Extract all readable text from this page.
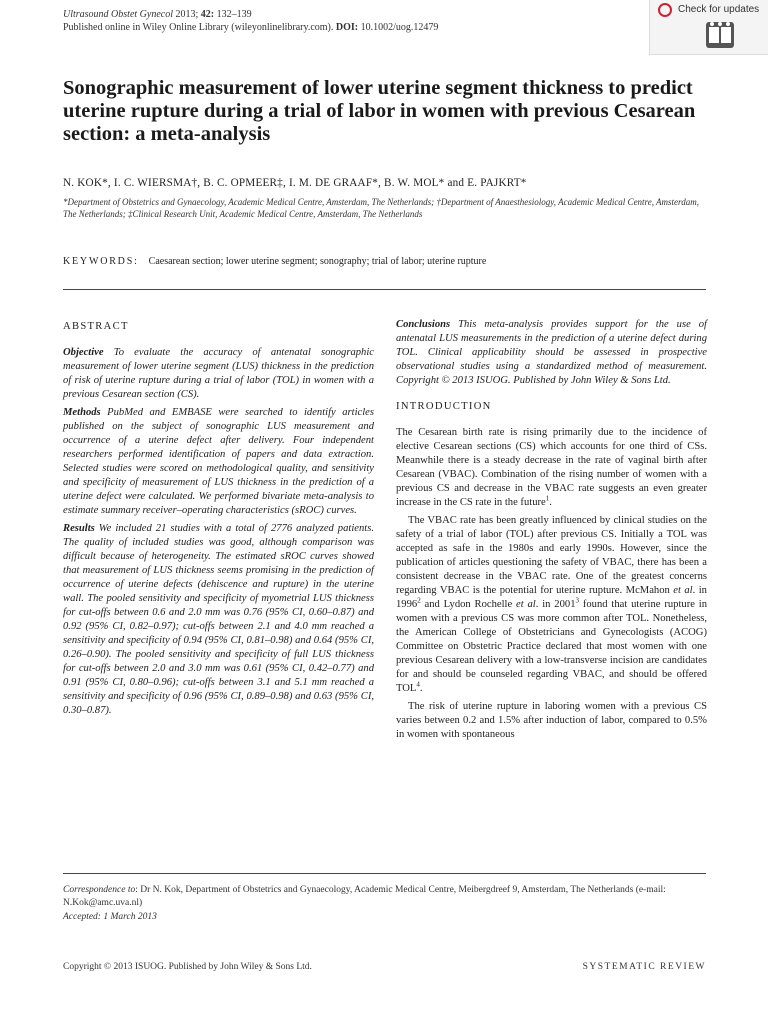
Ultrasound Obstet Gynecol 2013; 42: 132–139
Published online in Wiley Online Library (wileyonlinelibrary.com). DOI: 10.1002/uog.12479
Check for updates
Sonographic measurement of lower uterine segment thickness to predict uterine rupture during a trial of labor in women with previous Cesarean section: a meta-analysis
N. KOK*, I. C. WIERSMA†, B. C. OPMEER‡, I. M. DE GRAAF*, B. W. MOL* and E. PAJKRT*
*Department of Obstetrics and Gynaecology, Academic Medical Centre, Amsterdam, The Netherlands; †Department of Anaesthesiology, Academic Medical Centre, Amsterdam, The Netherlands; ‡Clinical Research Unit, Academic Medical Centre, Amsterdam, The Netherlands
KEYWORDS: Caesarean section; lower uterine segment; sonography; trial of labor; uterine rupture
ABSTRACT

Objective To evaluate the accuracy of antenatal sonographic measurement of lower uterine segment (LUS) thickness in the prediction of risk of uterine rupture during a trial of labor (TOL) in women with a previous Cesarean section (CS).

Methods PubMed and EMBASE were searched to identify articles published on the subject of sonographic LUS measurement and occurrence of a uterine defect after delivery. Four independent researchers performed identification of papers and data extraction. Selected studies were scored on methodological quality, and sensitivity and specificity of measurement of LUS thickness in the prediction of a uterine defect were calculated. We performed bivariate meta-analysis to estimate summary receiver–operating characteristics (sROC) curves.

Results We included 21 studies with a total of 2776 analyzed patients. The quality of included studies was good, although comparison was difficult because of heterogeneity. The estimated sROC curves showed that measurement of LUS thickness seems promising in the prediction of occurrence of uterine defects (dehiscence and rupture) in the uterine wall. The pooled sensitivity and specificity of myometrial LUS thickness for cut-offs between 0.6 and 2.0 mm was 0.76 (95% CI, 0.60–0.87) and 0.92 (95% CI, 0.82–0.97); cut-offs between 2.1 and 4.0 mm reached a sensitivity and specificity of 0.94 (95% CI, 0.81–0.98) and 0.64 (95% CI, 0.26–0.90). The pooled sensitivity and specificity of full LUS thickness for cut-offs between 2.0 and 3.0 mm was 0.61 (95% CI, 0.42–0.77) and 0.91 (95% CI, 0.80–0.96); cut-offs between 3.1 and 5.1 mm reached a sensitivity and specificity of 0.96 (95% CI, 0.89–0.98) and 0.63 (95% CI, 0.30–0.87).

Conclusions This meta-analysis provides support for the use of antenatal LUS measurements in the prediction of a uterine defect during TOL. Clinical applicability should be assessed in prospective observational studies using a standardized method of measurement. Copyright © 2013 ISUOG. Published by John Wiley & Sons Ltd.

INTRODUCTION

The Cesarean birth rate is rising primarily due to the incidence of elective Cesarean sections (CS) which accounts for one third of CSs. Meanwhile there is a steady decrease in the rate of vaginal birth after Cesarean (VBAC). Combination of the rising number of women with a previous CS and decrease in the VBAC rate suggests an even greater increase in the CS rate in the future$^1$.

The VBAC rate has been greatly influenced by clinical studies on the safety of a trial of labor (TOL) after previous CS. Initially a TOL was accepted as safe in the 1980s and early 1990s. However, since the publication of articles questioning the safety of VBAC, there has been a consistent decrease in the VBAC rate. One of the greatest concerns regarding VBAC is the potential for uterine rupture. McMahon et al. in 1996$^2$ and Lydon Rochelle et al. in 2001$^3$ found that uterine rupture in women with a previous CS was more common after TOL. Nonetheless, the American College of Obstetricians and Gynecologists (ACOG) Committee on Obstetric Practice declared that most women with one previous Cesarean delivery with a low-transverse incision are candidates for and should be counseled regarding VBAC, and should be offered TOL$^4$.

The risk of uterine rupture in laboring women with a previous CS varies between 0.2 and 1.5% after induction of labor, compared to 0.5% in women with spontaneous

Correspondence to: Dr N. Kok, Department of Obstetrics and Gynaecology, Academic Medical Centre, Meibergdreef 9, Amsterdam, The Netherlands (e-mail: N.Kok@amc.uva.nl)
Accepted: 1 March 2013
Copyright © 2013 ISUOG. Published by John Wiley & Sons Ltd.	SYSTEMATIC REVIEW
